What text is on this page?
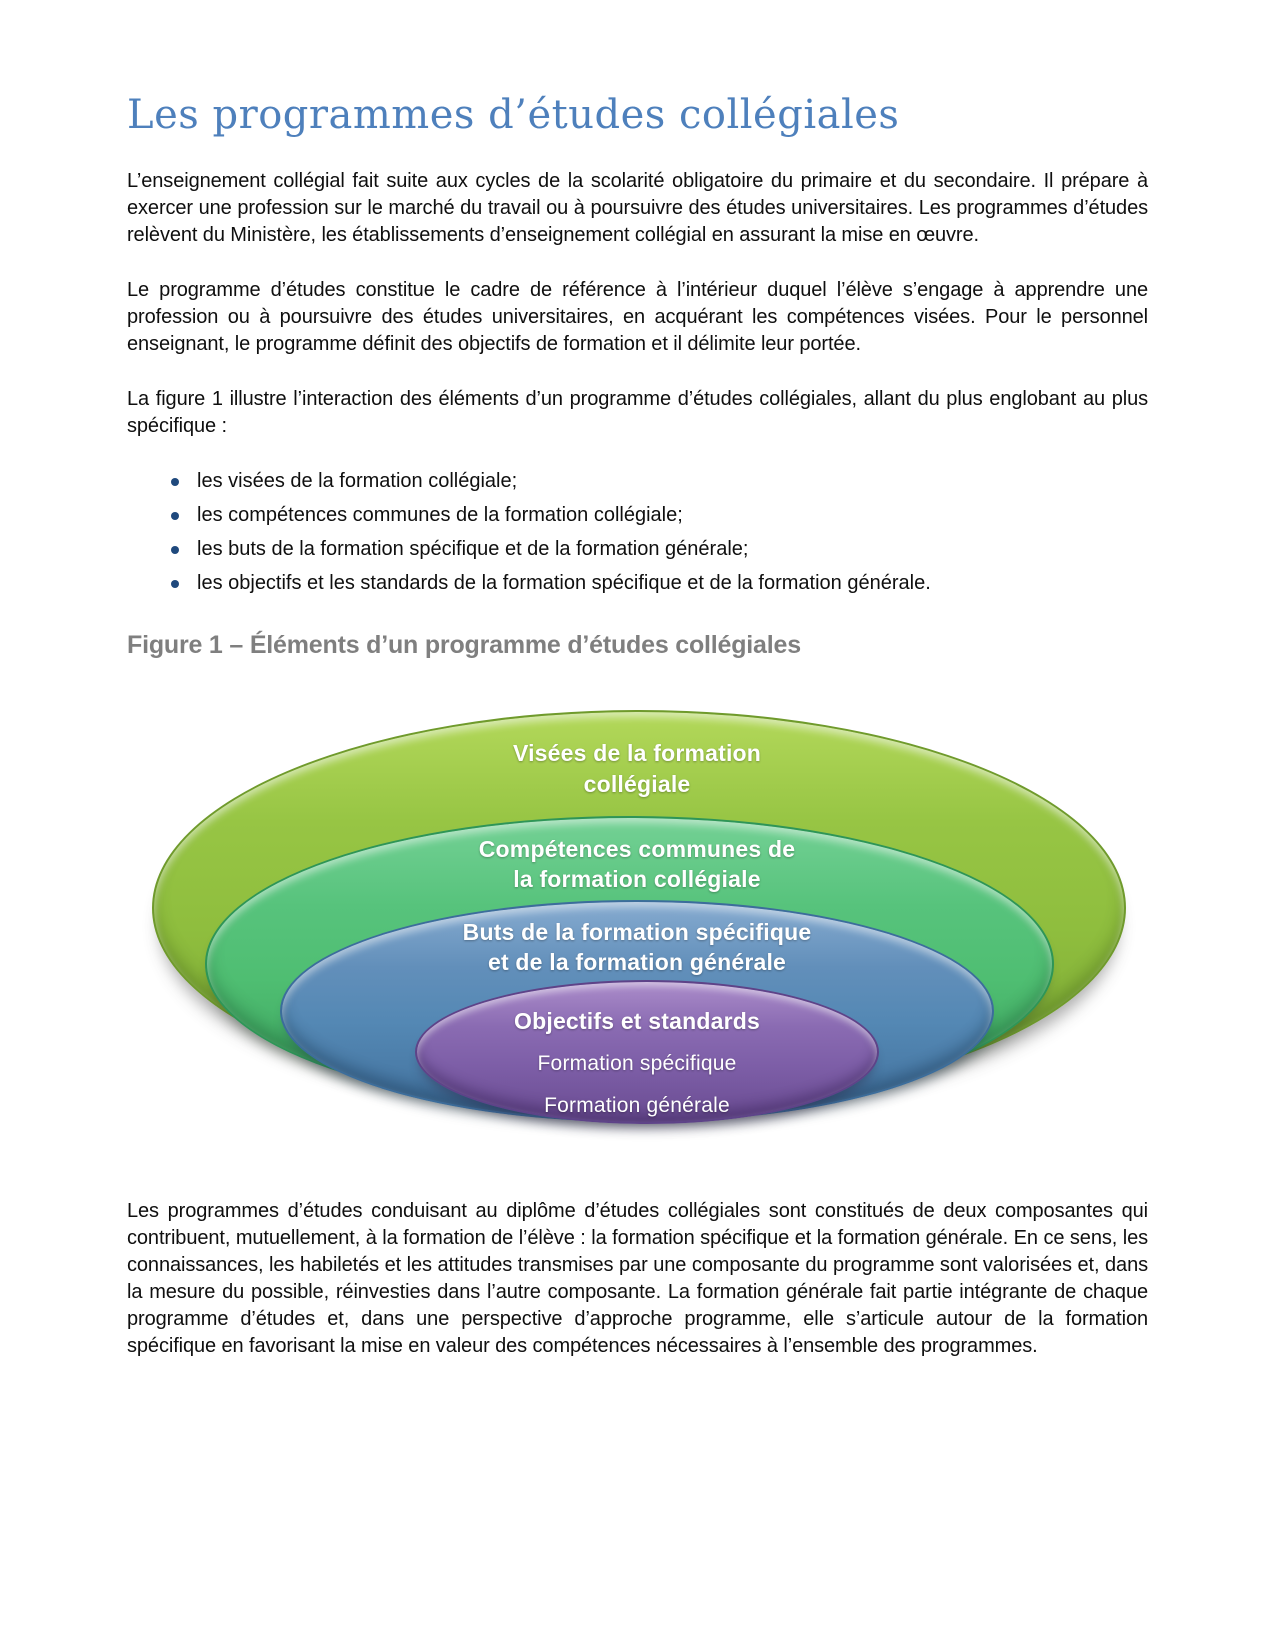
Les programmes d’études collégiales

L’enseignement collégial fait suite aux cycles de la scolarité obligatoire du primaire et du secondaire. Il prépare à exercer une profession sur le marché du travail ou à poursuivre des études universitaires. Les programmes d’études relèvent du Ministère, les établissements d’enseignement collégial en assurant la mise en œuvre.

Le programme d’études constitue le cadre de référence à l’intérieur duquel l’élève s’engage à apprendre une profession ou à poursuivre des études universitaires, en acquérant les compétences visées. Pour le personnel enseignant, le programme définit des objectifs de formation et il délimite leur portée.

La figure 1 illustre l’interaction des éléments d’un programme d’études collégiales, allant du plus englobant au plus spécifique :

les visées de la formation collégiale;
les compétences communes de la formation collégiale;
les buts de la formation spécifique et de la formation générale;
les objectifs et les standards de la formation spécifique et de la formation générale.
Figure 1 – Éléments d’un programme d’études collégiales
Visées de la formation
collégiale
Compétences communes de
la formation collégiale
Buts de la formation spécifique
et de la formation générale
Objectifs et standards
Formation spécifique
Formation générale

Les programmes d’études conduisant au diplôme d’études collégiales sont constitués de deux composantes qui contribuent, mutuellement, à la formation de l’élève : la formation spécifique et la formation générale. En ce sens, les connaissances, les habiletés et les attitudes transmises par une composante du programme sont valorisées et, dans la mesure du possible, réinvesties dans l’autre composante. La formation générale fait partie intégrante de chaque programme d’études et, dans une perspective d’approche programme, elle s’articule autour de la formation spécifique en favorisant la mise en valeur des compétences nécessaires à l’ensemble des programmes.
